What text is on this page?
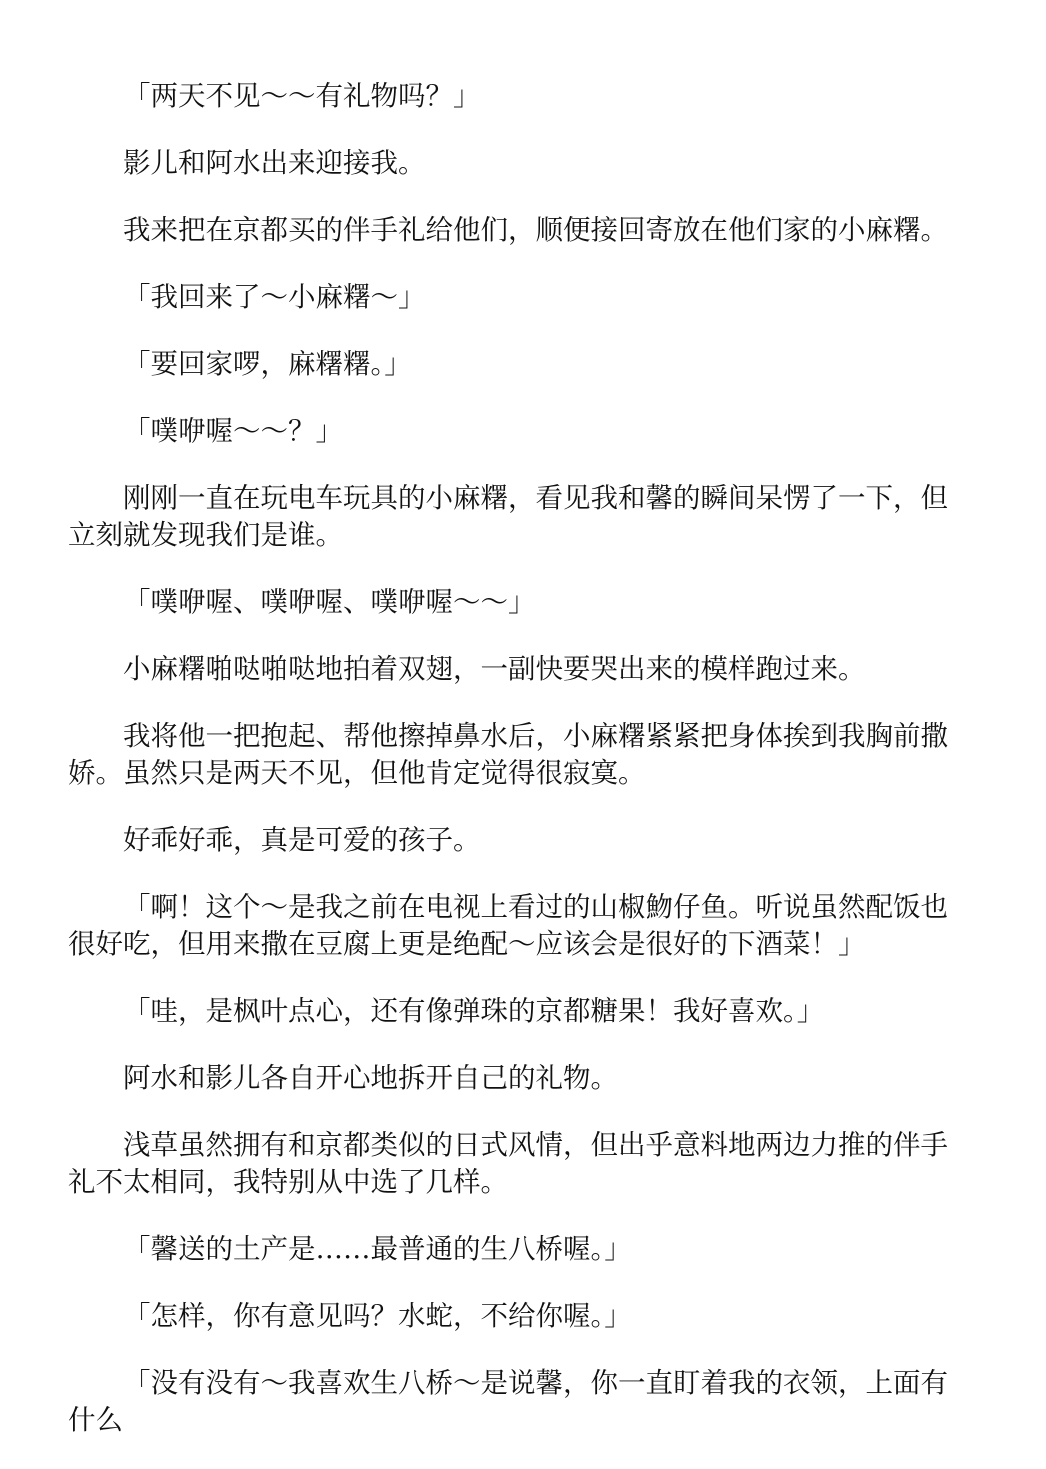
「两天不见～～有礼物吗？」

影儿和阿水出来迎接我。

我来把在京都买的伴手礼给他们，顺便接回寄放在他们家的小麻糬。

「我回来了～小麻糬～」

「要回家啰，麻糬糬。」

「噗咿喔～～？」

刚刚一直在玩电车玩具的小麻糬，看见我和馨的瞬间呆愣了一下，但立刻就发现我们是谁。

「噗咿喔、噗咿喔、噗咿喔～～」

小麻糬啪哒啪哒地拍着双翅，一副快要哭出来的模样跑过来。

我将他一把抱起、帮他擦掉鼻水后，小麻糬紧紧把身体挨到我胸前撒娇。虽然只是两天不见，但他肯定觉得很寂寞。

好乖好乖，真是可爱的孩子。

「啊！这个～是我之前在电视上看过的山椒魩仔鱼。听说虽然配饭也很好吃，但用来撒在豆腐上更是绝配～应该会是很好的下酒菜！」

「哇，是枫叶点心，还有像弹珠的京都糖果！我好喜欢。」

阿水和影儿各自开心地拆开自己的礼物。

浅草虽然拥有和京都类似的日式风情，但出乎意料地两边力推的伴手礼不太相同，我特别从中选了几样。

「馨送的土产是……最普通的生八桥喔。」

「怎样，你有意见吗？水蛇，不给你喔。」

「没有没有～我喜欢生八桥～是说馨，你一直盯着我的衣领，上面有什么
